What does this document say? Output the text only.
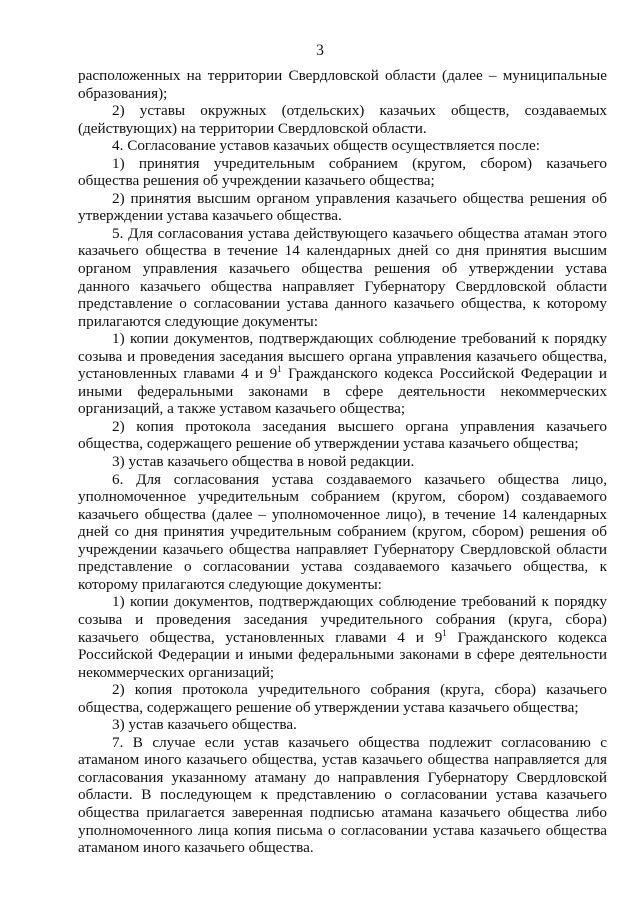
3

расположенных на территории Свердловской области (далее – муниципальные образования);

2) уставы окружных (отдельских) казачьих обществ, создаваемых (действующих) на территории Свердловской области.

4. Согласование уставов казачьих обществ осуществляется после:

1) принятия учредительным собранием (кругом, сбором) казачьего общества решения об учреждении казачьего общества;

2) принятия высшим органом управления казачьего общества решения об утверждении устава казачьего общества.

5. Для согласования устава действующего казачьего общества атаман этого казачьего общества в течение 14 календарных дней со дня принятия высшим органом управления казачьего общества решения об утверждении устава данного казачьего общества направляет Губернатору Свердловской области представление о согласовании устава данного казачьего общества, к которому прилагаются следующие документы:

1) копии документов, подтверждающих соблюдение требований к порядку созыва и проведения заседания высшего органа управления казачьего общества, установленных главами 4 и $9^1$ Гражданского кодекса Российской Федерации и иными федеральными законами в сфере деятельности некоммерческих организаций, а также уставом казачьего общества;

2) копия протокола заседания высшего органа управления казачьего общества, содержащего решение об утверждении устава казачьего общества;

3) устав казачьего общества в новой редакции.

6. Для согласования устава создаваемого казачьего общества лицо, уполномоченное учредительным собранием (кругом, сбором) создаваемого казачьего общества (далее – уполномоченное лицо), в течение 14 календарных дней со дня принятия учредительным собранием (кругом, сбором) решения об учреждении казачьего общества направляет Губернатору Свердловской области представление о согласовании устава создаваемого казачьего общества, к которому прилагаются следующие документы:

1) копии документов, подтверждающих соблюдение требований к порядку созыва и проведения заседания учредительного собрания (круга, сбора) казачьего общества, установленных главами 4 и $9^1$ Гражданского кодекса Российской Федерации и иными федеральными законами в сфере деятельности некоммерческих организаций;

2) копия протокола учредительного собрания (круга, сбора) казачьего общества, содержащего решение об утверждении устава казачьего общества;

3) устав казачьего общества.

7. В случае если устав казачьего общества подлежит согласованию с атаманом иного казачьего общества, устав казачьего общества направляется для согласования указанному атаману до направления Губернатору Свердловской области. В последующем к представлению о согласовании устава казачьего общества прилагается заверенная подписью атамана казачьего общества либо уполномоченного лица копия письма о согласовании устава казачьего общества атаманом иного казачьего общества.
